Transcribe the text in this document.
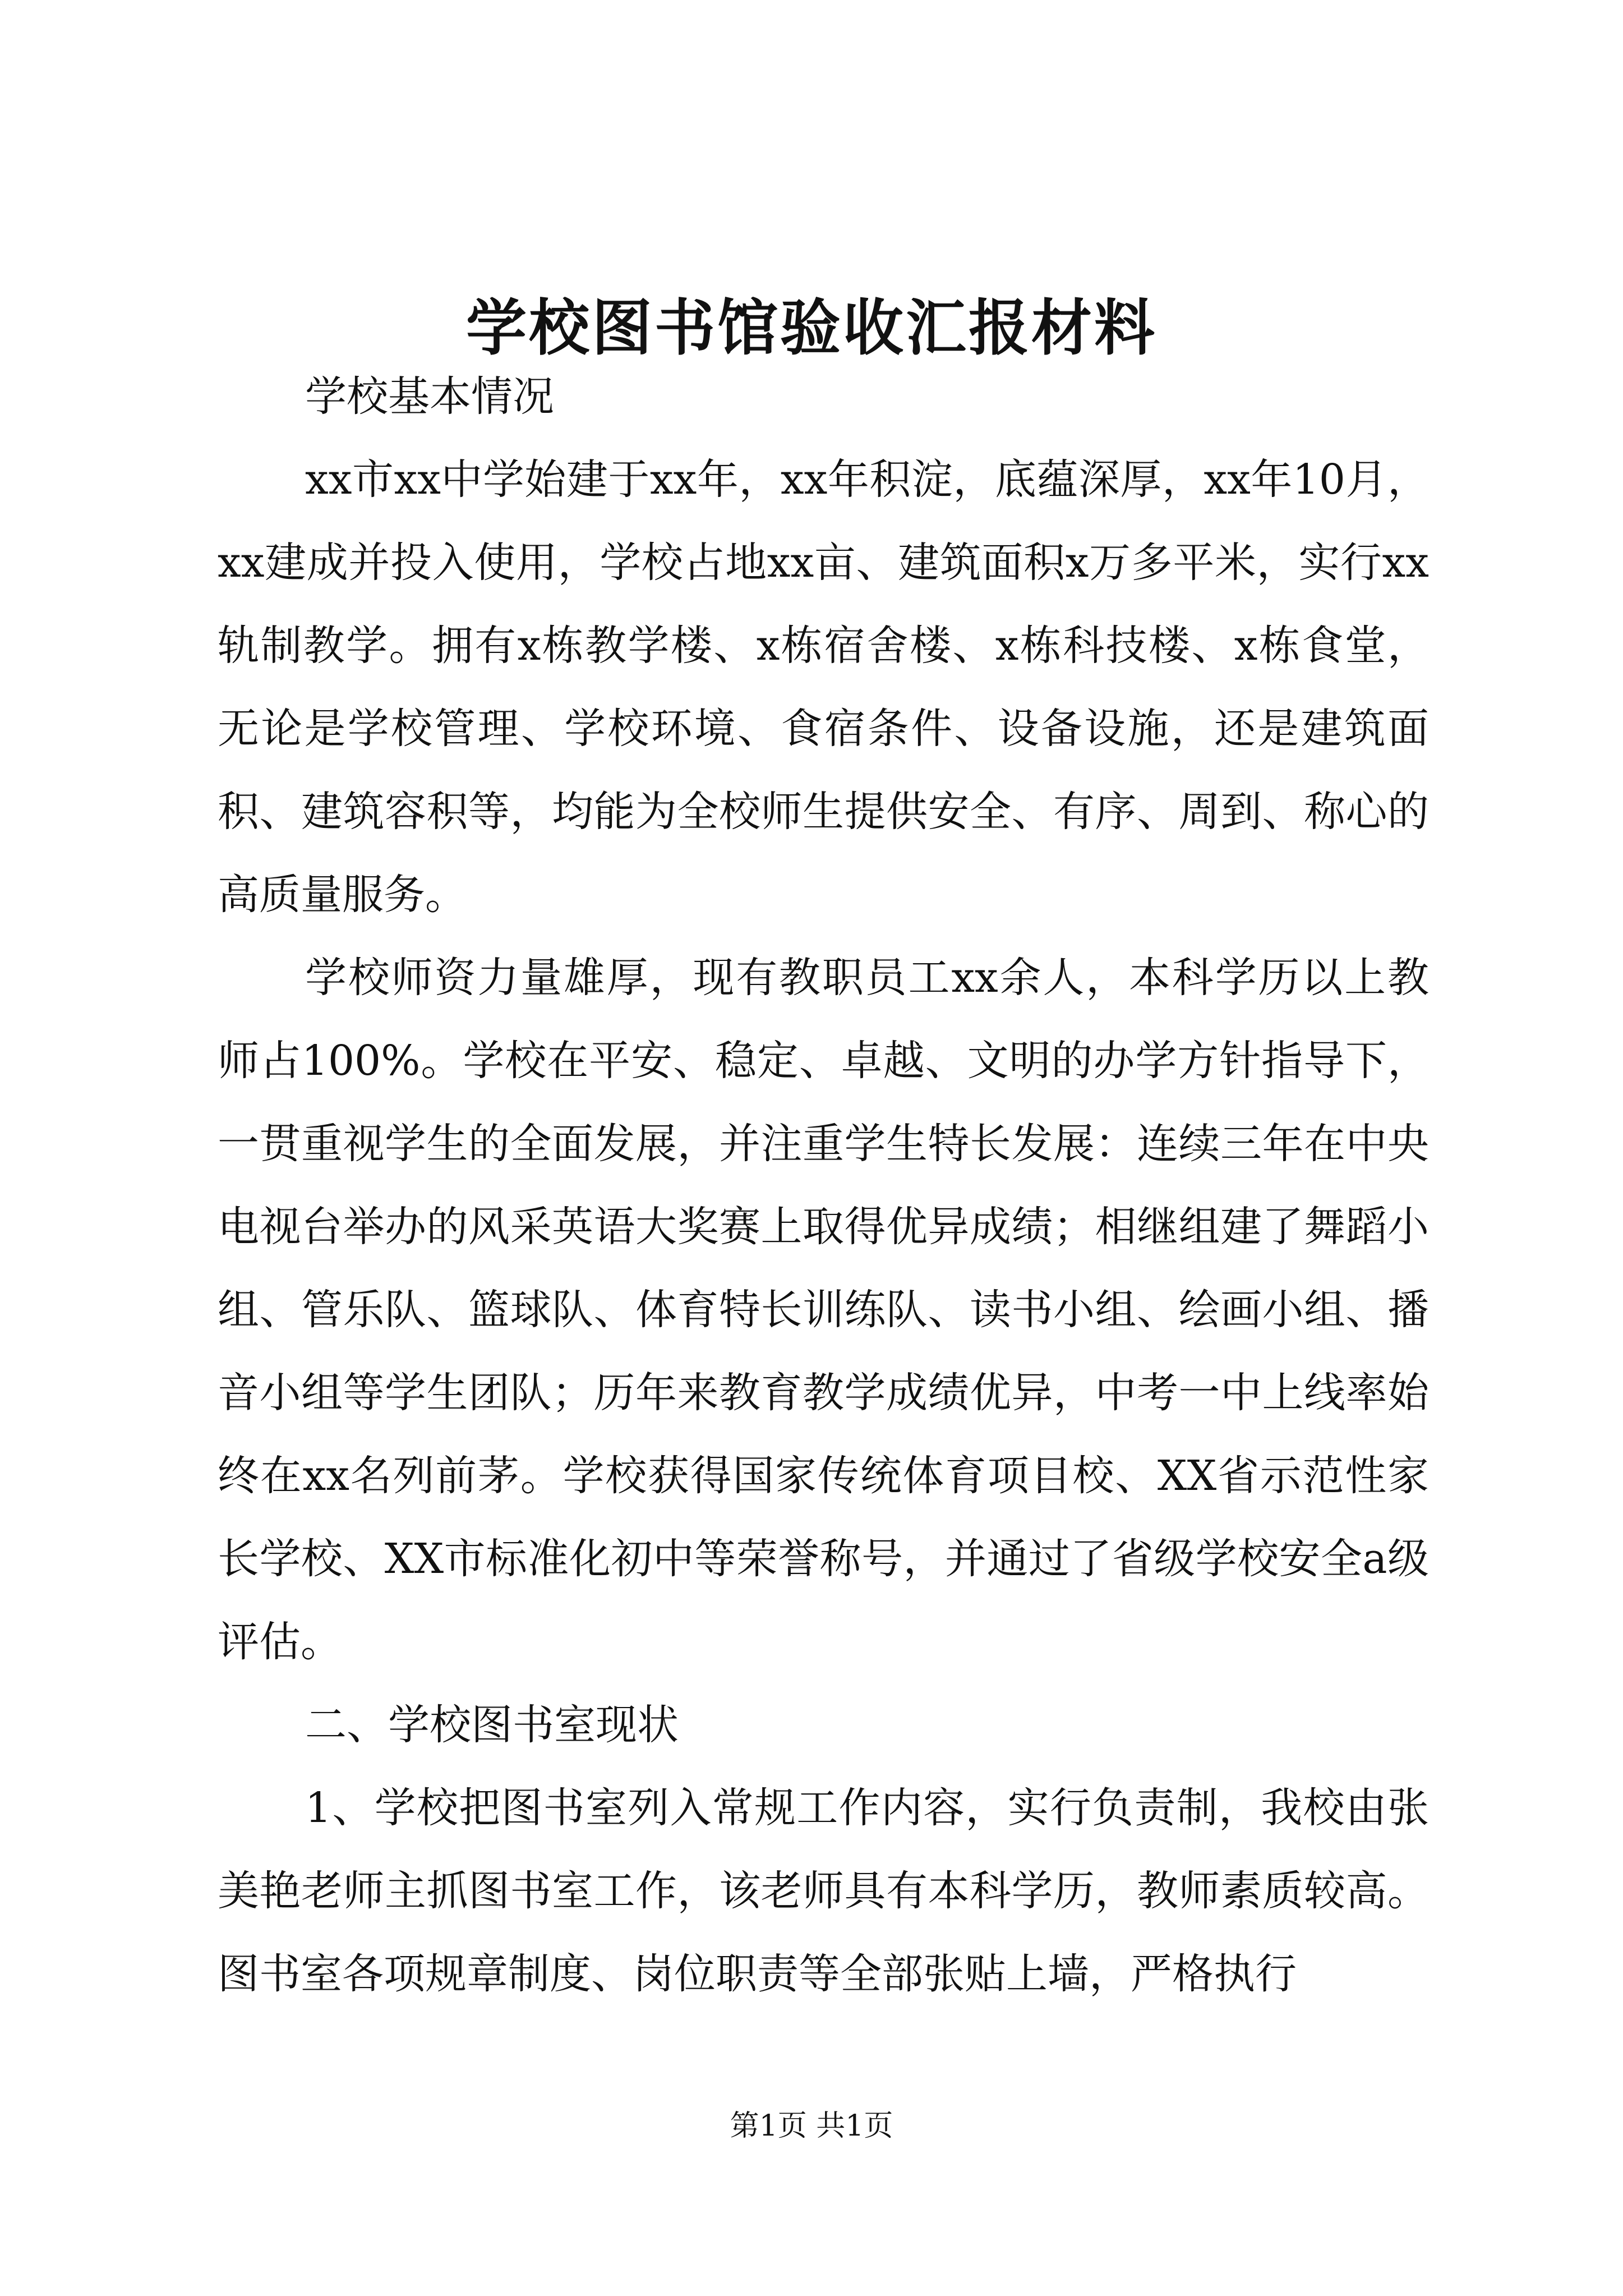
学校图书馆验收汇报材料

学校基本情况

xx市xx中学始建于xx年，xx年积淀，底蕴深厚，xx年10月，xx建成并投入使用，学校占地xx亩、建筑面积x万多平米，实行xx轨制教学。拥有x栋教学楼、x栋宿舍楼、x栋科技楼、x栋食堂，无论是学校管理、学校环境、食宿条件、设备设施，还是建筑面积、建筑容积等，均能为全校师生提供安全、有序、周到、称心的高质量服务。

学校师资力量雄厚，现有教职员工xx余人，本科学历以上教师占100%。学校在平安、稳定、卓越、文明的办学方针指导下，一贯重视学生的全面发展，并注重学生特长发展：连续三年在中央电视台举办的风采英语大奖赛上取得优异成绩；相继组建了舞蹈小组、管乐队、篮球队、体育特长训练队、读书小组、绘画小组、播音小组等学生团队；历年来教育教学成绩优异，中考一中上线率始终在xx名列前茅。学校获得国家传统体育项目校、XX省示范性家长学校、XX市标准化初中等荣誉称号，并通过了省级学校安全a级评估。

二、学校图书室现状

1、学校把图书室列入常规工作内容，实行负责制，我校由张美艳老师主抓图书室工作，该老师具有本科学历，教师素质较高。图书室各项规章制度、岗位职责等全部张贴上墙，严格执行

第1页 共1页
